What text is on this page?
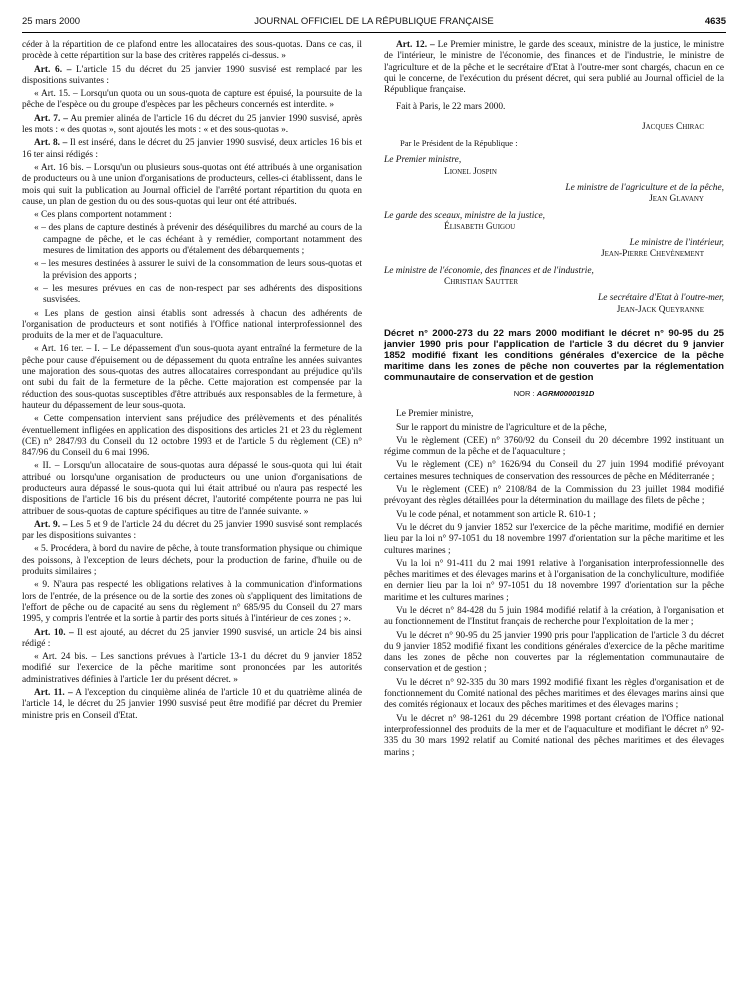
25 mars 2000	JOURNAL OFFICIEL DE LA RÉPUBLIQUE FRANÇAISE	4635

céder à la répartition de ce plafond entre les allocataires des sous-quotas. Dans ce cas, il procède à cette répartition sur la base des critères rappelés ci-dessus. »

Art. 6. – L'article 15 du décret du 25 janvier 1990 susvisé est remplacé par les dispositions suivantes :

« Art. 15. – Lorsqu'un quota ou un sous-quota de capture est épuisé, la poursuite de la pêche de l'espèce ou du groupe d'espèces par les pêcheurs concernés est interdite. »

Art. 7. – Au premier alinéa de l'article 16 du décret du 25 janvier 1990 susvisé, après les mots : « des quotas », sont ajoutés les mots : « et des sous-quotas ».

Art. 8. – Il est inséré, dans le décret du 25 janvier 1990 susvisé, deux articles 16 bis et 16 ter ainsi rédigés :

« Art. 16 bis. – Lorsqu'un ou plusieurs sous-quotas ont été attribués à une organisation de producteurs ou à une union d'organisations de producteurs, celles-ci établissent, dans le mois qui suit la publication au Journal officiel de l'arrêté portant répartition du quota en cause, un plan de gestion du ou des sous-quotas qui leur ont été attribués.

« Ces plans comportent notamment :

« – des plans de capture destinés à prévenir des déséquilibres du marché au cours de la campagne de pêche, et le cas échéant à y remédier, comportant notamment des mesures de limitation des apports ou d'étalement des débarquements ;

« – les mesures destinées à assurer le suivi de la consommation de leurs sous-quotas et la prévision des apports ;

« – les mesures prévues en cas de non-respect par ses adhérents des dispositions susvisées.

« Les plans de gestion ainsi établis sont adressés à chacun des adhérents de l'organisation de producteurs et sont notifiés à l'Office national interprofessionnel des produits de la mer et de l'aquaculture.

« Art. 16 ter. – I. – Le dépassement d'un sous-quota ayant entraîné la fermeture de la pêche pour cause d'épuisement ou de dépassement du quota entraîne les années suivantes une majoration des sous-quotas des autres allocataires correspondant au préjudice qu'ils ont subi du fait de la fermeture de la pêche. Cette majoration est compensée par la réduction des sous-quotas susceptibles d'être attribués aux responsables de la fermeture, à hauteur du dépassement de leur sous-quota.

« Cette compensation intervient sans préjudice des prélèvements et des pénalités éventuellement infligées en application des dispositions des articles 21 et 23 du règlement (CE) n° 2847/93 du Conseil du 12 octobre 1993 et de l'article 5 du règlement (CE) n° 847/96 du Conseil du 6 mai 1996.

« II. – Lorsqu'un allocataire de sous-quotas aura dépassé le sous-quota qui lui était attribué ou lorsqu'une organisation de producteurs ou une union d'organisations de producteurs aura dépassé le sous-quota qui lui était attribué ou n'aura pas respecté les dispositions de l'article 16 bis du présent décret, l'autorité compétente pourra ne pas lui attribuer de sous-quotas de capture spécifiques au titre de l'année suivante. »

Art. 9. – Les 5 et 9 de l'article 24 du décret du 25 janvier 1990 susvisé sont remplacés par les dispositions suivantes :

« 5. Procédera, à bord du navire de pêche, à toute transformation physique ou chimique des poissons, à l'exception de leurs déchets, pour la production de farine, d'huile ou de produits similaires ;

« 9. N'aura pas respecté les obligations relatives à la communication d'informations lors de l'entrée, de la présence ou de la sortie des zones où s'appliquent des limitations de l'effort de pêche ou de capacité au sens du règlement n° 685/95 du Conseil du 27 mars 1995, y compris l'entrée et la sortie à partir des ports situés à l'intérieur de ces zones ; ».

Art. 10. – Il est ajouté, au décret du 25 janvier 1990 susvisé, un article 24 bis ainsi rédigé :

« Art. 24 bis. – Les sanctions prévues à l'article 13-1 du décret du 9 janvier 1852 modifié sur l'exercice de la pêche maritime sont prononcées par les autorités administratives définies à l'article 1er du présent décret. »

Art. 11. – A l'exception du cinquième alinéa de l'article 10 et du quatrième alinéa de l'article 14, le décret du 25 janvier 1990 susvisé peut être modifié par décret du Premier ministre pris en Conseil d'Etat.

Art. 12. – Le Premier ministre, le garde des sceaux, ministre de la justice, le ministre de l'intérieur, le ministre de l'économie, des finances et de l'industrie, le ministre de l'agriculture et de la pêche et le secrétaire d'Etat à l'outre-mer sont chargés, chacun en ce qui le concerne, de l'exécution du présent décret, qui sera publié au Journal officiel de la République française.

Fait à Paris, le 22 mars 2000.

Jacques Chirac

Par le Président de la République :

Le Premier ministre,
Lionel Jospin

Le ministre de l'agriculture et de la pêche,
Jean Glavany

Le garde des sceaux, ministre de la justice,
Élisabeth Guigou

Le ministre de l'intérieur,
Jean-Pierre Chevènement

Le ministre de l'économie, des finances et de l'industrie,
Christian Sautter

Le secrétaire d'Etat à l'outre-mer,
Jean-Jack Queyranne

Décret n° 2000-273 du 22 mars 2000 modifiant le décret n° 90-95 du 25 janvier 1990 pris pour l'application de l'article 3 du décret du 9 janvier 1852 modifié fixant les conditions générales d'exercice de la pêche maritime dans les zones de pêche non couvertes par la réglementation communautaire de conservation et de gestion

NOR : AGRM0000191D

Le Premier ministre,

Sur le rapport du ministre de l'agriculture et de la pêche,

Vu le règlement (CEE) n° 3760/92 du Conseil du 20 décembre 1992 instituant un régime commun de la pêche et de l'aquaculture ;

Vu le règlement (CE) n° 1626/94 du Conseil du 27 juin 1994 modifié prévoyant certaines mesures techniques de conservation des ressources de pêche en Méditerranée ;

Vu le règlement (CEE) n° 2108/84 de la Commission du 23 juillet 1984 modifié prévoyant des règles détaillées pour la détermination du maillage des filets de pêche ;

Vu le code pénal, et notamment son article R. 610-1 ;

Vu le décret du 9 janvier 1852 sur l'exercice de la pêche maritime, modifié en dernier lieu par la loi n° 97-1051 du 18 novembre 1997 d'orientation sur la pêche maritime et les cultures marines ;

Vu la loi n° 91-411 du 2 mai 1991 relative à l'organisation interprofessionnelle des pêches maritimes et des élevages marins et à l'organisation de la conchyliculture, modifiée en dernier lieu par la loi n° 97-1051 du 18 novembre 1997 d'orientation sur la pêche maritime et les cultures marines ;

Vu le décret n° 84-428 du 5 juin 1984 modifié relatif à la création, à l'organisation et au fonctionnement de l'Institut français de recherche pour l'exploitation de la mer ;

Vu le décret n° 90-95 du 25 janvier 1990 pris pour l'application de l'article 3 du décret du 9 janvier 1852 modifié fixant les conditions générales d'exercice de la pêche maritime dans les zones de pêche non couvertes par la réglementation communautaire de conservation et de gestion ;

Vu le décret n° 92-335 du 30 mars 1992 modifié fixant les règles d'organisation et de fonctionnement du Comité national des pêches maritimes et des élevages marins ainsi que des comités régionaux et locaux des pêches maritimes et des élevages marins ;

Vu le décret n° 98-1261 du 29 décembre 1998 portant création de l'Office national interprofessionnel des produits de la mer et de l'aquaculture et modifiant le décret n° 92-335 du 30 mars 1992 relatif au Comité national des pêches maritimes et des élevages marins ;
